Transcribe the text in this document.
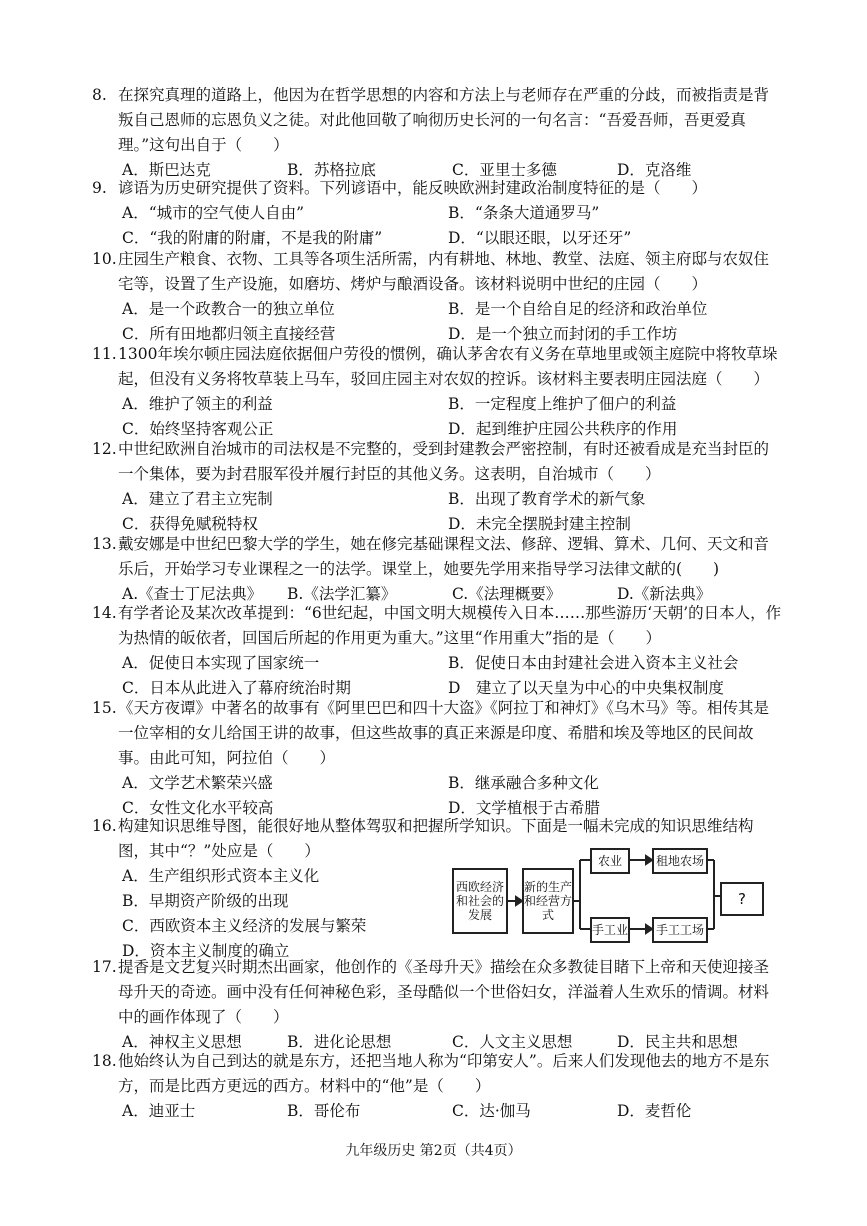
8. 在探究真理的道路上，他因为在哲学思想的内容和方法上与老师存在严重的分歧，而被指责是背叛自己恩师的忘恩负义之徒。对此他回敬了响彻历史长河的一句名言：“吾爱吾师，吾更爱真理。”这句出自于（　　）
A．斯巴达克	B．苏格拉底	C．亚里士多德	D．克洛维
9. 谚语为历史研究提供了资料。下列谚语中，能反映欧洲封建政治制度特征的是（　　）
A．“城市的空气使人自由”	B．“条条大道通罗马”
C．“我的附庸的附庸，不是我的附庸”	D．“以眼还眼，以牙还牙”
10.庄园生产粮食、衣物、工具等各项生活所需，内有耕地、林地、教堂、法庭、领主府邸与农奴住宅等，设置了生产设施，如磨坊、烤炉与酿酒设备。该材料说明中世纪的庄园（　　）
A．是一个政教合一的独立单位	B．是一个自给自足的经济和政治单位
C．所有田地都归领主直接经营	D．是一个独立而封闭的手工作坊
11.1300年埃尔顿庄园法庭依据佃户劳役的惯例，确认茅舍农有义务在草地里或领主庭院中将牧草垛起，但没有义务将牧草装上马车，驳回庄园主对农奴的控诉。该材料主要表明庄园法庭（　　）
A．维护了领主的利益	B．一定程度上维护了佃户的利益
C．始终坚持客观公正	D．起到维护庄园公共秩序的作用
12.中世纪欧洲自治城市的司法权是不完整的，受到封建教会严密控制，有时还被看成是充当封臣的一个集体，要为封君服军役并履行封臣的其他义务。这表明，自治城市（　　）
A．建立了君主立宪制	B．出现了教育学术的新气象
C．获得免赋税特权	D．未完全摆脱封建主控制
13.戴安娜是中世纪巴黎大学的学生，她在修完基础课程文法、修辞、逻辑、算术、几何、天文和音乐后，开始学习专业课程之一的法学。课堂上，她要先学用来指导学习法律文献的(　　)
A.《查士丁尼法典》	B.《法学汇纂》	C.《法理概要》	D.《新法典》
14.有学者论及某次改革提到：“6世纪起，中国文明大规模传入日本……那些游历‘天朝’的日本人，作为热情的皈依者，回国后所起的作用更为重大。”这里“作用重大”指的是（　　）
A．促使日本实现了国家统一	B．促使日本由封建社会进入资本主义社会
C．日本从此进入了幕府统治时期	D　建立了以天皇为中心的中央集权制度
15.《天方夜谭》中著名的故事有《阿里巴巴和四十大盗》《阿拉丁和神灯》《乌木马》等。相传其是一位宰相的女儿给国王讲的故事，但这些故事的真正来源是印度、希腊和埃及等地区的民间故事。由此可知，阿拉伯（　　）
A．文学艺术繁荣兴盛	B．继承融合多种文化
C．女性文化水平较高	D．文学植根于古希腊
16.构建知识思维导图，能很好地从整体驾驭和把握所学知识。下面是一幅未完成的知识思维结构图，其中“？”处应是（　　）
A．生产组织形式资本主义化
B．早期资产阶级的出现
C．西欧资本主义经济的发展与繁荣
D．资本主义制度的确立
西欧经济和社会的发展
新的生产和经营方式
农业	租地农场
手工业	手工工场
?
17.提香是文艺复兴时期杰出画家，他创作的《圣母升天》描绘在众多教徒目睹下上帝和天使迎接圣母升天的奇迹。画中没有任何神秘色彩，圣母酷似一个世俗妇女，洋溢着人生欢乐的情调。材料中的画作体现了（　　）
A．神权主义思想	B．进化论思想	C．人文主义思想	D．民主共和思想
18.他始终认为自己到达的就是东方，还把当地人称为“印第安人”。后来人们发现他去的地方不是东方，而是比西方更远的西方。材料中的“他”是（　　）
A．迪亚士	B．哥伦布	C．达·伽马	D．麦哲伦
九年级历史 第2页（共4页）
